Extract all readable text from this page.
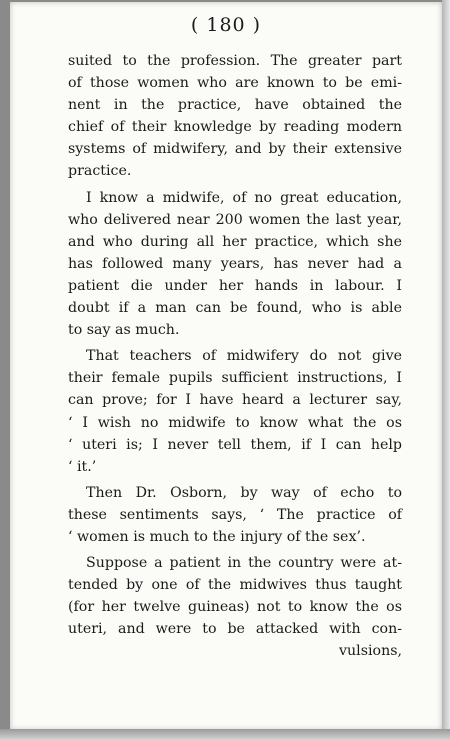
( 180 )

suited to the profession. The greater part
of those women who are known to be emi-
nent in the practice, have obtained the
chief of their knowledge by reading modern
systems of midwifery, and by their extensive
practice.

I know a midwife, of no great education,
who delivered near 200 women the last year,
and who during all her practice, which she
has followed many years, has never had a
patient die under her hands in labour. I
doubt if a man can be found, who is able
to say as much.

That teachers of midwifery do not give
their female pupils sufficient instructions, I
can prove; for I have heard a lecturer say,
‘ I wish no midwife to know what the os
‘ uteri is; I never tell them, if I can help
‘ it.’

Then Dr. Osborn, by way of echo to
these sentiments says, ‘ The practice of
‘ women is much to the injury of the sex’.

Suppose a patient in the country were at-
tended by one of the midwives thus taught
(for her twelve guineas) not to know the os
uteri, and were to be attacked with con-
vulsions,
